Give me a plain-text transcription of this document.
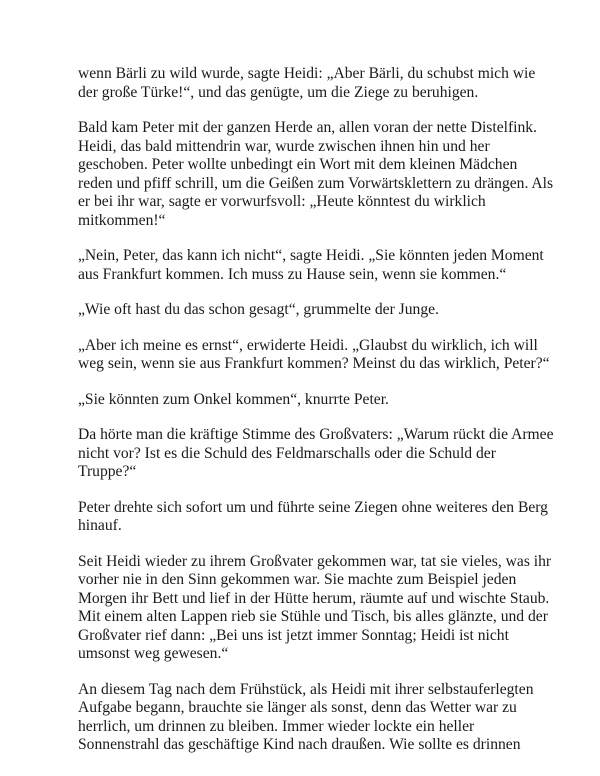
wenn Bärli zu wild wurde, sagte Heidi: „Aber Bärli, du schubst mich wie
der große Türke!“, und das genügte, um die Ziege zu beruhigen.

Bald kam Peter mit der ganzen Herde an, allen voran der nette Distelfink.
Heidi, das bald mittendrin war, wurde zwischen ihnen hin und her
geschoben. Peter wollte unbedingt ein Wort mit dem kleinen Mädchen
reden und pfiff schrill, um die Geißen zum Vorwärtsklettern zu drängen. Als
er bei ihr war, sagte er vorwurfsvoll: „Heute könntest du wirklich
mitkommen!“

„Nein, Peter, das kann ich nicht“, sagte Heidi. „Sie könnten jeden Moment
aus Frankfurt kommen. Ich muss zu Hause sein, wenn sie kommen.“

„Wie oft hast du das schon gesagt“, grummelte der Junge.

„Aber ich meine es ernst“, erwiderte Heidi. „Glaubst du wirklich, ich will
weg sein, wenn sie aus Frankfurt kommen? Meinst du das wirklich, Peter?“

„Sie könnten zum Onkel kommen“, knurrte Peter.

Da hörte man die kräftige Stimme des Großvaters: „Warum rückt die Armee
nicht vor? Ist es die Schuld des Feldmarschalls oder die Schuld der
Truppe?“

Peter drehte sich sofort um und führte seine Ziegen ohne weiteres den Berg
hinauf.

Seit Heidi wieder zu ihrem Großvater gekommen war, tat sie vieles, was ihr
vorher nie in den Sinn gekommen war. Sie machte zum Beispiel jeden
Morgen ihr Bett und lief in der Hütte herum, räumte auf und wischte Staub.
Mit einem alten Lappen rieb sie Stühle und Tisch, bis alles glänzte, und der
Großvater rief dann: „Bei uns ist jetzt immer Sonntag; Heidi ist nicht
umsonst weg gewesen.“

An diesem Tag nach dem Frühstück, als Heidi mit ihrer selbstauferlegten
Aufgabe begann, brauchte sie länger als sonst, denn das Wetter war zu
herrlich, um drinnen zu bleiben. Immer wieder lockte ein heller
Sonnenstrahl das geschäftige Kind nach draußen. Wie sollte es drinnen
